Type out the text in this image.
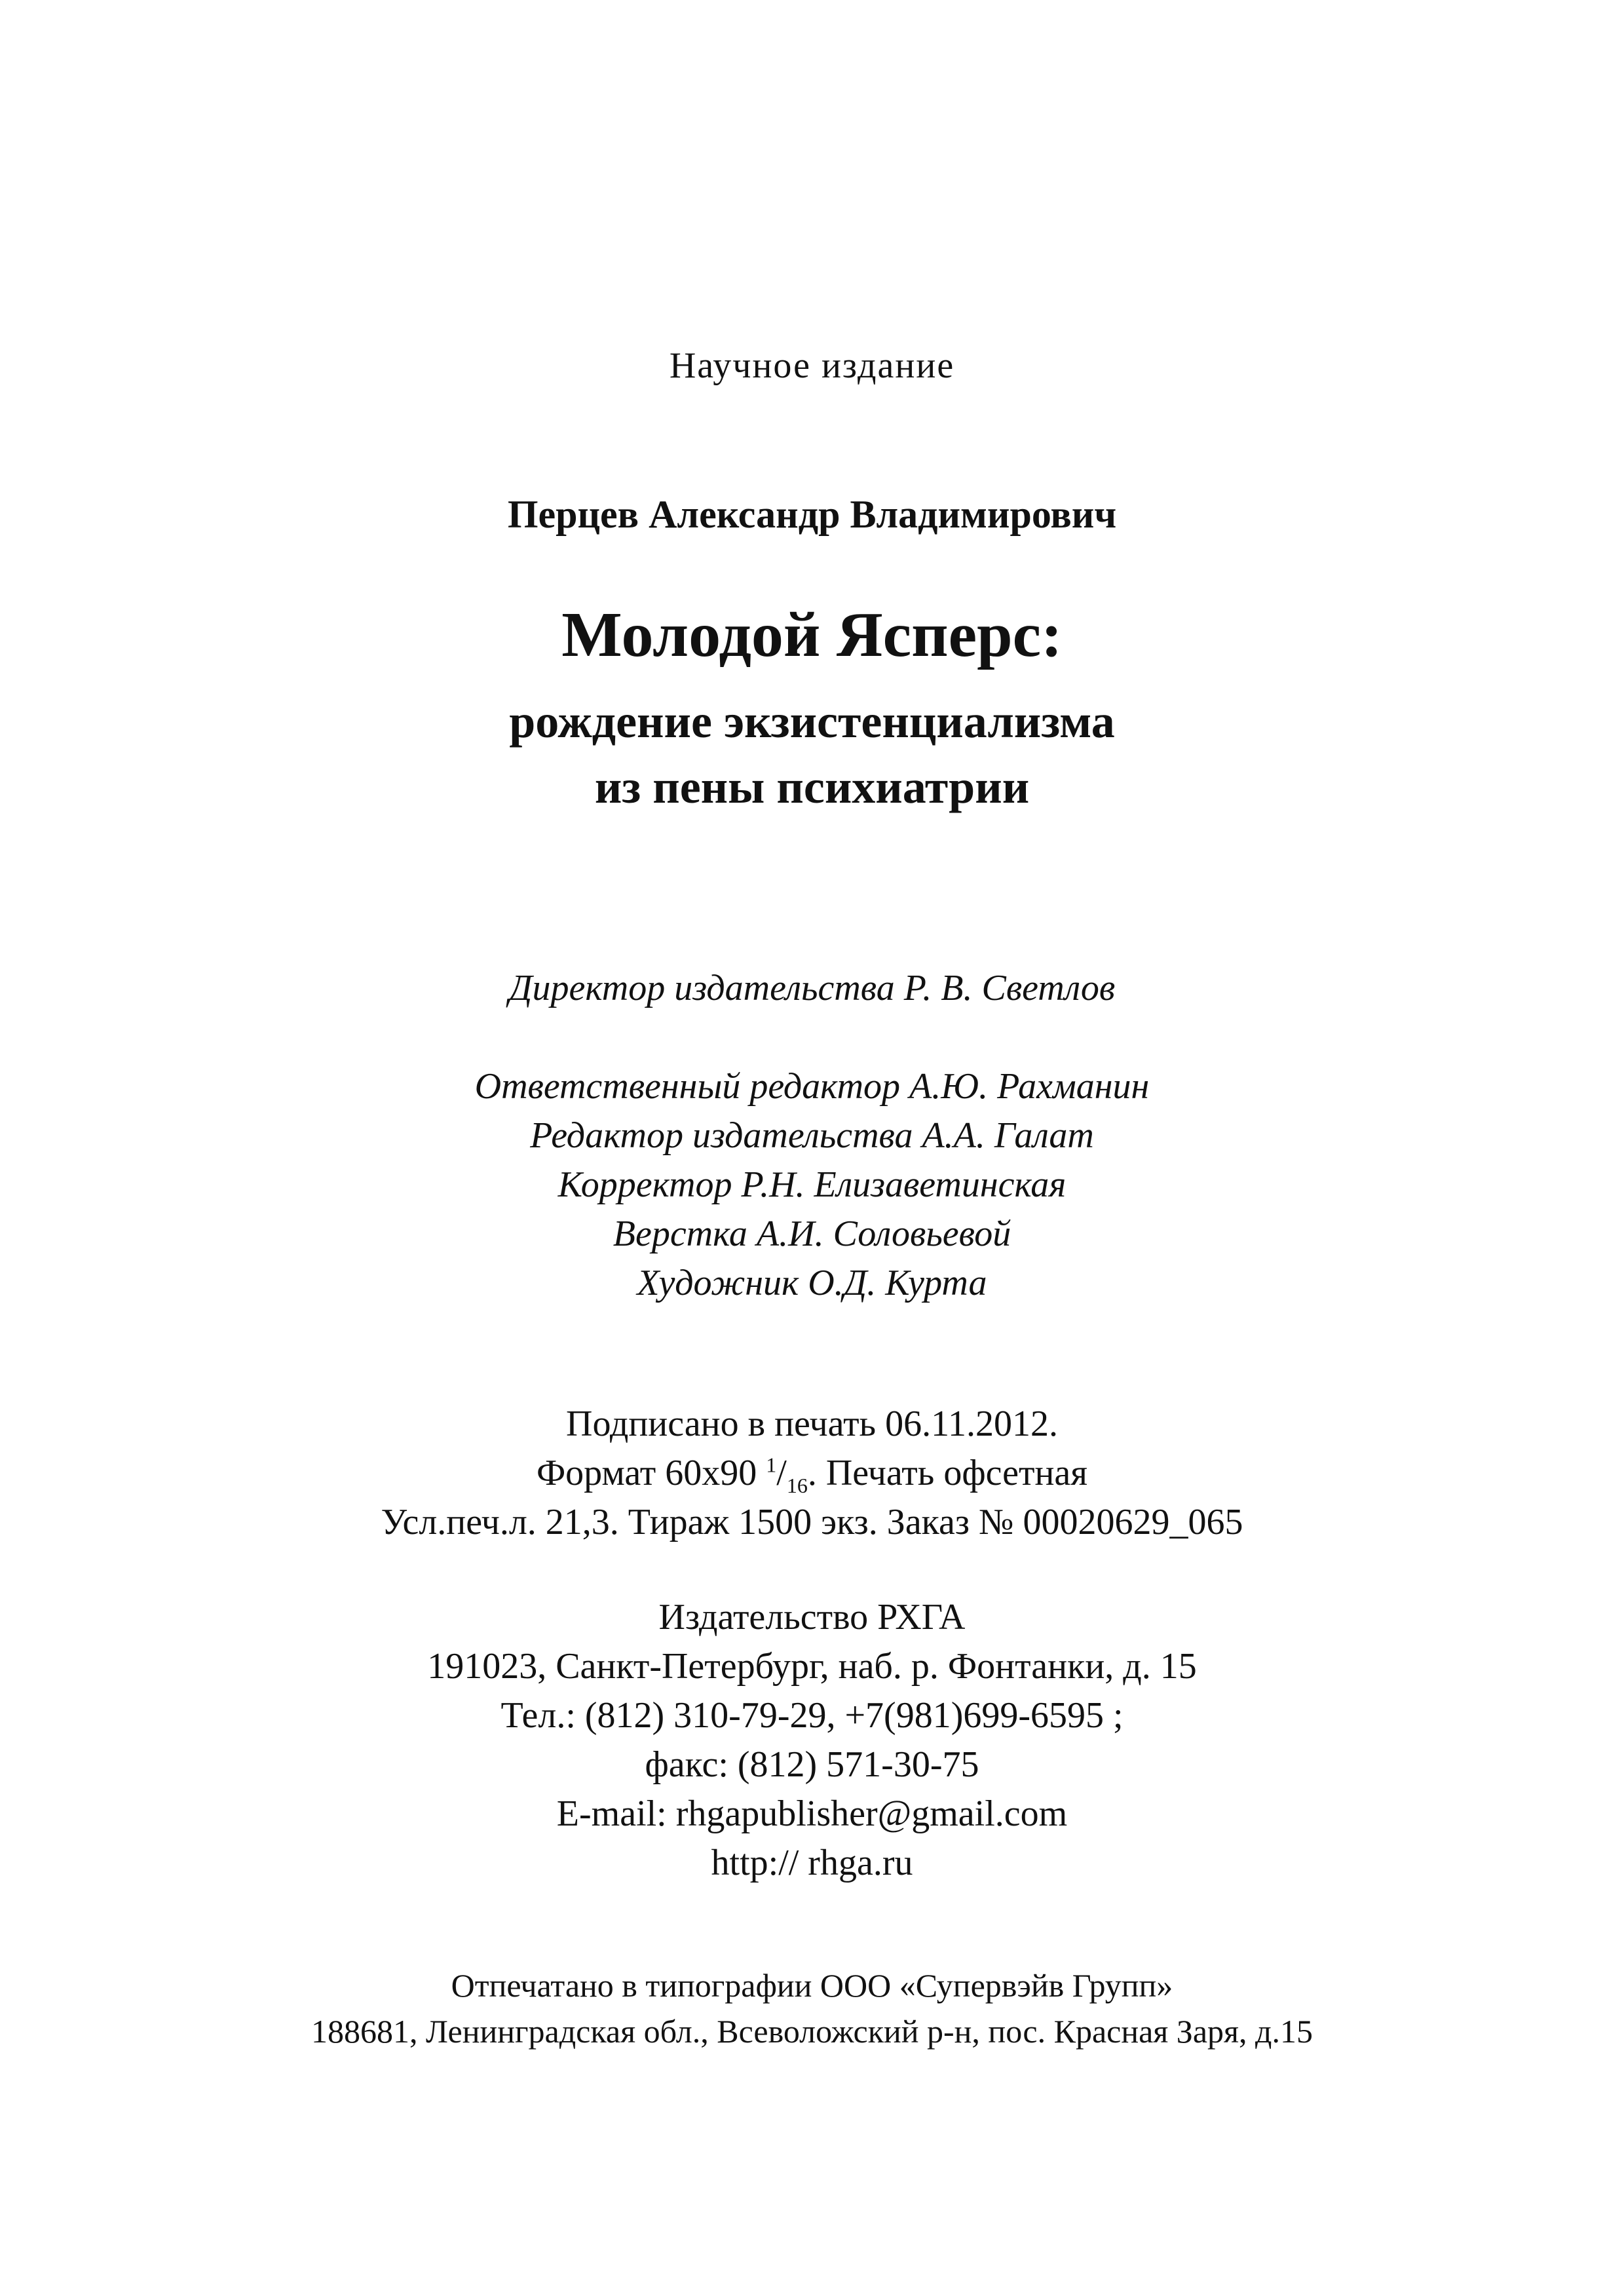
Научное издание
Перцев Александр Владимирович
Молодой Ясперс:
рождение экзистенциализма
из пены психиатрии
Директор издательства Р. В. Светлов
Ответственный редактор А.Ю. Рахманин
Редактор издательства А.А. Галат
Корректор Р.Н. Елизаветинская
Верстка А.И. Соловьевой
Художник О.Д. Курта
Подписано в печать 06.11.2012.
Формат 60х90 $^1/_{16}$. Печать офсетная
Усл.печ.л. 21,3. Тираж 1500 экз. Заказ № 00020629_065
Издательство РХГА
191023, Санкт-Петербург, наб. р. Фонтанки, д. 15
Тел.: (812) 310-79-29, +7(981)699-6595 ;
факс: (812) 571-30-75
E-mail: rhgapublisher@gmail.com
http:// rhga.ru
Отпечатано в типографии ООО «Супервэйв Групп»
188681, Ленинградская обл., Всеволожский р-н, пос. Красная Заря, д.15
